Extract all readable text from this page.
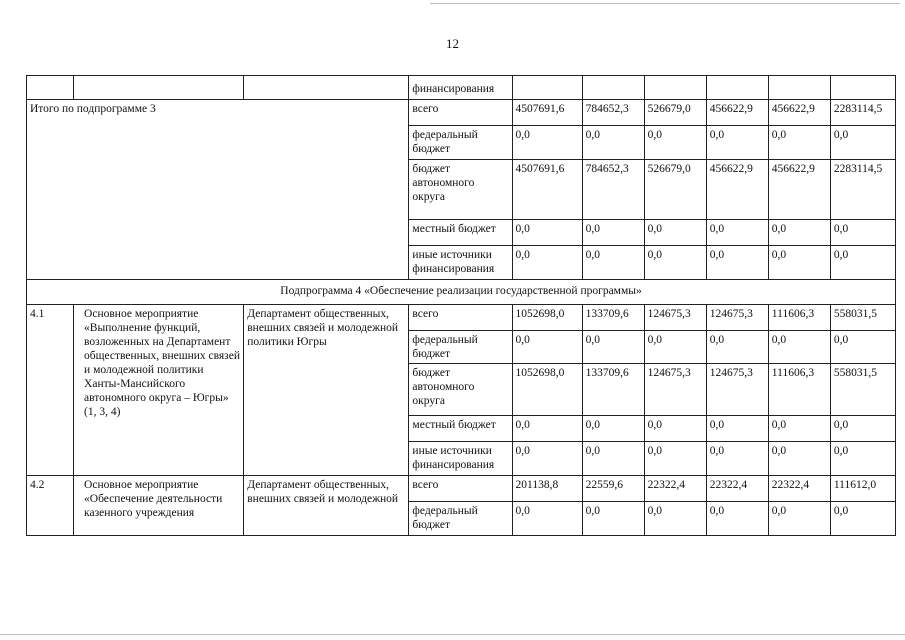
12
			финансирования						
Итого по подпрограмме 3			всего	4507691,6	784652,3	526679,0	456622,9	456622,9	2283114,5
			федеральный бюджет	0,0	0,0	0,0	0,0	0,0	0,0
			бюджет автономного округа	4507691,6	784652,3	526679,0	456622,9	456622,9	2283114,5
			местный бюджет	0,0	0,0	0,0	0,0	0,0	0,0
			иные источники финансирования	0,0	0,0	0,0	0,0	0,0	0,0
Подпрограмма 4 «Обеспечение реализации государственной программы»									
4.1	Основное мероприятие «Выполнение функций, возложенных на Департамент общественных, внешних связей и молодежной политики Ханты-Мансийского автономного округа – Югры» (1, 3, 4)	Департамент общественных, внешних связей и молодежной политики Югры	всего	1052698,0	133709,6	124675,3	124675,3	111606,3	558031,5
			федеральный бюджет	0,0	0,0	0,0	0,0	0,0	0,0
			бюджет автономного округа	1052698,0	133709,6	124675,3	124675,3	111606,3	558031,5
			местный бюджет	0,0	0,0	0,0	0,0	0,0	0,0
			иные источники финансирования	0,0	0,0	0,0	0,0	0,0	0,0
4.2	Основное мероприятие «Обеспечение деятельности казенного учреждения	Департамент общественных, внешних связей и молодежной	всего	201138,8	22559,6	22322,4	22322,4	22322,4	111612,0
			федеральный бюджет	0,0	0,0	0,0	0,0	0,0	0,0
